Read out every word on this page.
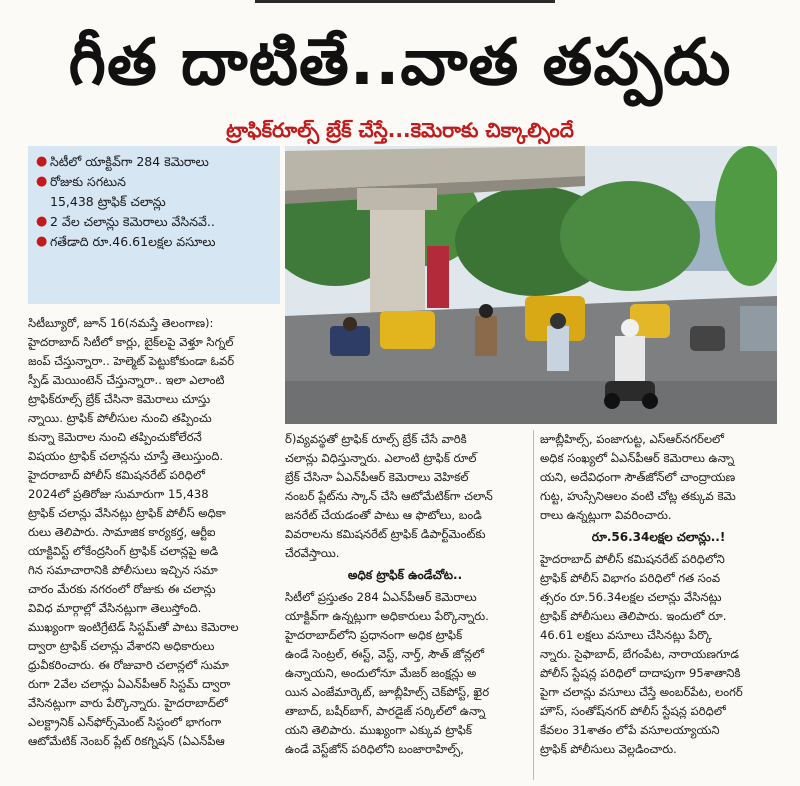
గీత దాటితే..వాత తప్పదు
ట్రాఫిక్‌రూల్స్‌ బ్రేక్‌ చేస్తే...కెమెరాకు చిక్కాల్సిందే
● సిటీలో యాక్టివ్‌గా 284 కెమెరాలు
● రోజుకు సగటున
15,438 ట్రాఫిక్‌ చలాన్లు
● 2 వేల చలాన్లు కెమెరాలు వేసినవే..
● గతేడాది రూ.46.61లక్షల వసూలు

సిటీబ్యూరో, జూన్‌ 16(నమస్తే తెలంగాణ):

హైదరాబాద్‌ సిటీలో కార్లు, బైక్‌లపై వెళ్తూ సిగ్నల్‌

జంప్‌ చేస్తున్నారా.. హెల్మెట్‌ పెట్టుకోకుండా ఓవర్‌

స్పీడ్‌ మెయింటెన్‌ చేస్తున్నారా.. ఇలా ఎలాంటి

ట్రాఫిక్‌రూల్స్‌ బ్రేక్‌ చేసినా కెమెరాలు చూస్తు

న్నాయి. ట్రాఫిక్‌ పోలీసుల నుంచి తప్పించు

కున్నా కెమెరాల నుంచి తప్పించుకోలేరనే

విషయం ట్రాఫిక్‌ చలాన్లను చూస్తే తెలుస్తుంది.

హైదరాబాద్‌ పోలీస్‌ కమిషనరేట్‌ పరిధిలో

2024లో ప్రతిరోజు సుమారుగా 15,438

ట్రాఫిక్‌ చలాన్లు వేసినట్లు ట్రాఫిక్‌ పోలీస్‌ అధికా

రులు తెలిపారు. సామాజిక కార్యకర్త, ఆర్టీఐ

యాక్టివిస్ట్‌ లోకేంద్రసింగ్‌ ట్రాఫిక్‌ చలాన్లపై అడి

గిన సమాచారానికి పోలీసులు ఇచ్చిన సమా

చారం మేరకు నగరంలో రోజుకు ఈ చలాన్లు

వివిధ మార్గాల్లో వేసినట్లుగా తెలుస్తోంది.

ముఖ్యంగా ఇంటిగ్రేటెడ్‌ సిస్టమ్‌తో పాటు కెమెరాల

ద్వారా ట్రాఫిక్‌ చలాన్లు వేశారని అధికారులు

ధ్రువీకరించారు. ఈ రోజువారి చలాన్లలో సుమా

రుగా 2వేల చలాన్లు ఏఎన్‌పీఆర్‌ సిస్టమ్‌ ద్వారా

వేసినట్లుగా వారు పేర్కొన్నారు. హైదరాబాద్‌లో

ఎలక్ట్రానిక్‌ ఎన్‌ఫోర్స్‌మెంట్‌ సిస్టంలో భాగంగా

ఆటోమేటిక్‌ నెంబర్‌ ప్లేట్‌ రికగ్నిషన్‌ (ఏఎన్‌పీఆ

ర్‌)వ్యవస్థతో ట్రాఫిక్‌ రూల్స్‌ బ్రేక్‌ చేసే వారికి

చలాన్లు విధిస్తున్నారు. ఎలాంటి ట్రాఫిక్‌ రూల్‌

బ్రేక్‌ చేసినా ఏఎన్‌పీఆర్‌ కెమెరాలు వెహికల్‌

నంబర్‌ ప్లేట్‌ను స్కాన్‌ చేసి ఆటోమేటిక్‌గా చలాన్‌

జనరేట్‌ చేయడంతో పాటు ఆ ఫొటోలు, బండి

వివరాలను కమిషనరేట్‌ ట్రాఫిక్‌ డిపార్ట్‌మెంట్‌కు

చేరవేస్తాయి.

అధిక ట్రాఫిక్‌ ఉండేచోట..

సిటీలో ప్రస్తుతం 284 ఏఎన్‌పీఆర్‌ కెమెరాలు

యాక్టివ్‌గా ఉన్నట్లుగా అధికారులు పేర్కొన్నారు.

హైదరాబాద్‌లోని ప్రధానంగా అధిక ట్రాఫిక్‌

ఉండే సెంట్రల్‌, ఈస్ట్‌, వెస్ట్‌, నార్త్‌, సౌత్‌ జోన్లలో

ఉన్నాయని, అందులోనూ మేజర్‌ జంక్షన్లు అ

యిన ఎంజేమార్కెట్‌, జూబ్లీహిల్స్‌ చెక్‌పోస్ట్‌, ఖైర

తాబాద్‌, బషీర్‌బాగ్‌, పారడైజ్‌ సర్కిల్‌లో ఉన్నా

యని తెలిపారు. ముఖ్యంగా ఎక్కువ ట్రాఫిక్‌

ఉండే వెస్ట్‌జోన్‌ పరిధిలోని బంజారాహిల్స్‌,

జూబ్లీహిల్స్‌, పంజాగుట్ట, ఎస్‌ఆర్‌నగర్‌లలో

అధిక సంఖ్యలో ఏఎన్‌పీఆర్‌ కెమెరాలు ఉన్నా

యని, అదేవిధంగా సౌత్‌జోన్‌లో చాంద్రాయణ

గుట్ట, హుస్సేనిఆలం వంటి చోట్ల తక్కువ కెమె

రాలు ఉన్నట్లుగా వివరించారు.

రూ.56.34లక్షల చలాన్లు..!

హైదరాబాద్‌ పోలీస్‌ కమిషనరేట్‌ పరిధిలోని

ట్రాఫిక్‌ పోలీస్‌ విభాగం పరిధిలో గత సంవ

త్సరం రూ.56.34లక్షల చలాన్లు వేసినట్లు

ట్రాఫిక్‌ పోలీసులు తెలిపారు. ఇందులో రూ.

46.61 లక్షలు వసూలు చేసినట్లు పేర్కొ

న్నారు. సైఫాబాద్‌, బేగంపేట, నారాయణగూడ

పోలీస్‌ స్టేషన్ల పరిధిలో దాదాపుగా 95శాతానికి

పైగా చలాన్లు వసూలు చేస్తే అంబర్‌పేట, లంగర్‌

హౌస్‌, సంతోష్‌నగర్‌ పోలీస్‌ స్టేషన్ల పరిధిలో

కేవలం 31శాతం లోపే వసూలయ్యాయని

ట్రాఫిక్‌ పోలీసులు వెల్లడించారు.
